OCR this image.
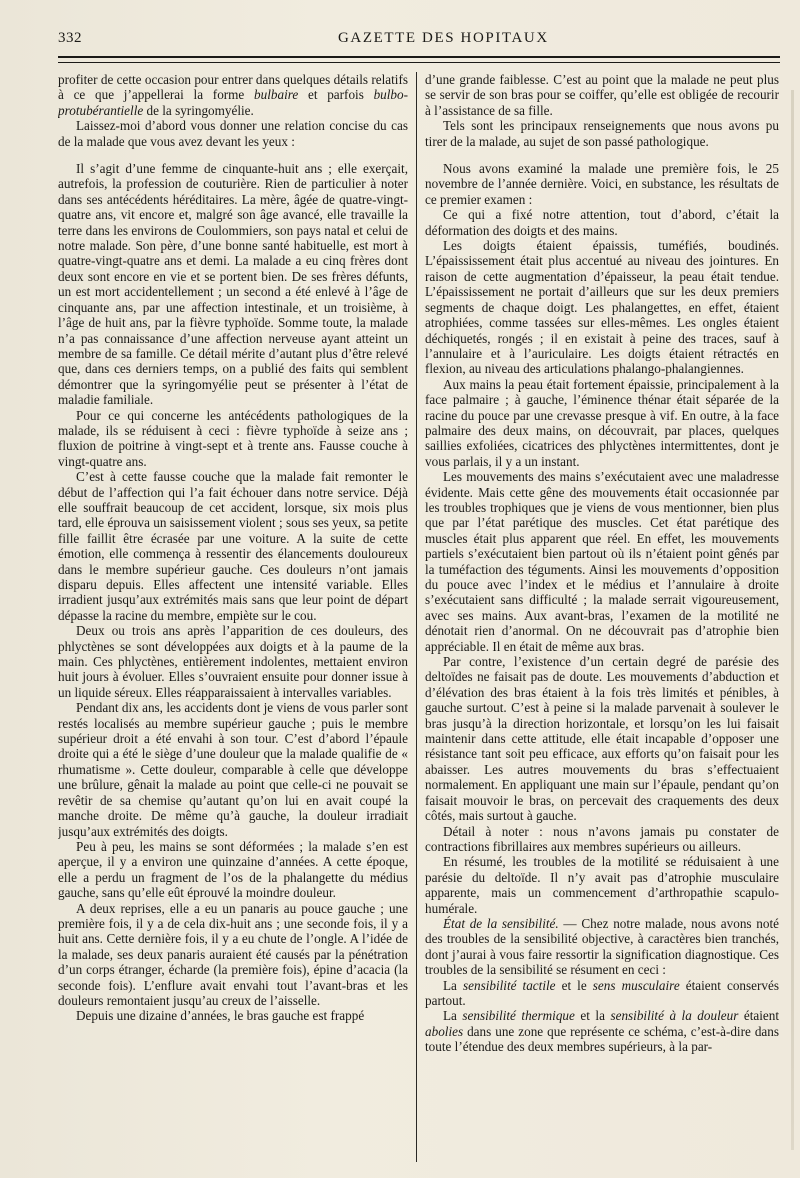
332	GAZETTE DES HOPITAUX

profiter de cette occasion pour entrer dans quelques détails relatifs à ce que j’appellerai la forme bulbaire et parfois bulbo-protubérantielle de la syringomyélie.

Laissez-moi d’abord vous donner une relation concise du cas de la malade que vous avez devant les yeux :

Il s’agit d’une femme de cinquante-huit ans ; elle exerçait, autrefois, la profession de couturière. Rien de particulier à noter dans ses antécédents héréditaires. La mère, âgée de quatre-vingt-quatre ans, vit encore et, malgré son âge avancé, elle travaille la terre dans les environs de Coulommiers, son pays natal et celui de notre malade. Son père, d’une bonne santé habituelle, est mort à quatre-vingt-quatre ans et demi. La malade a eu cinq frères dont deux sont encore en vie et se portent bien. De ses frères défunts, un est mort accidentellement ; un second a été enlevé à l’âge de cinquante ans, par une affection intestinale, et un troisième, à l’âge de huit ans, par la fièvre typhoïde. Somme toute, la malade n’a pas connaissance d’une affection nerveuse ayant atteint un membre de sa famille. Ce détail mérite d’autant plus d’être relevé que, dans ces derniers temps, on a publié des faits qui semblent démontrer que la syringomyélie peut se présenter à l’état de maladie familiale.

Pour ce qui concerne les antécédents pathologiques de la malade, ils se réduisent à ceci : fièvre typhoïde à seize ans ; fluxion de poitrine à vingt-sept et à trente ans. Fausse couche à vingt-quatre ans.

C’est à cette fausse couche que la malade fait remonter le début de l’affection qui l’a fait échouer dans notre service. Déjà elle souffrait beaucoup de cet accident, lorsque, six mois plus tard, elle éprouva un saisissement violent ; sous ses yeux, sa petite fille faillit être écrasée par une voiture. A la suite de cette émotion, elle commença à ressentir des élancements douloureux dans le membre supérieur gauche. Ces douleurs n’ont jamais disparu depuis. Elles affectent une intensité variable. Elles irradient jusqu’aux extrémités mais sans que leur point de départ dépasse la racine du membre, empiète sur le cou.

Deux ou trois ans après l’apparition de ces douleurs, des phlyctènes se sont développées aux doigts et à la paume de la main. Ces phlyctènes, entièrement indolentes, mettaient environ huit jours à évoluer. Elles s’ouvraient ensuite pour donner issue à un liquide séreux. Elles réapparaissaient à intervalles variables.

Pendant dix ans, les accidents dont je viens de vous parler sont restés localisés au membre supérieur gauche ; puis le membre supérieur droit a été envahi à son tour. C’est d’abord l’épaule droite qui a été le siège d’une douleur que la malade qualifie de « rhumatisme ». Cette douleur, comparable à celle que développe une brûlure, gênait la malade au point que celle-ci ne pouvait se revêtir de sa chemise qu’autant qu’on lui en avait coupé la manche droite. De même qu’à gauche, la douleur irradiait jusqu’aux extrémités des doigts.

Peu à peu, les mains se sont déformées ; la malade s’en est aperçue, il y a environ une quinzaine d’années. A cette époque, elle a perdu un fragment de l’os de la phalangette du médius gauche, sans qu’elle eût éprouvé la moindre douleur.

A deux reprises, elle a eu un panaris au pouce gauche ; une première fois, il y a de cela dix-huit ans ; une seconde fois, il y a huit ans. Cette dernière fois, il y a eu chute de l’ongle. A l’idée de la malade, ses deux panaris auraient été causés par la pénétration d’un corps étranger, écharde (la première fois), épine d’acacia (la seconde fois). L’enflure avait envahi tout l’avant-bras et les douleurs remontaient jusqu’au creux de l’aisselle.

Depuis une dizaine d’années, le bras gauche est frappé

d’une grande faiblesse. C’est au point que la malade ne peut plus se servir de son bras pour se coiffer, qu’elle est obligée de recourir à l’assistance de sa fille.

Tels sont les principaux renseignements que nous avons pu tirer de la malade, au sujet de son passé pathologique.

Nous avons examiné la malade une première fois, le 25 novembre de l’année dernière. Voici, en substance, les résultats de ce premier examen :

Ce qui a fixé notre attention, tout d’abord, c’était la déformation des doigts et des mains.

Les doigts étaient épaissis, tuméfiés, boudinés. L’épaississement était plus accentué au niveau des jointures. En raison de cette augmentation d’épaisseur, la peau était tendue. L’épaississement ne portait d’ailleurs que sur les deux premiers segments de chaque doigt. Les phalangettes, en effet, étaient atrophiées, comme tassées sur elles-mêmes. Les ongles étaient déchiquetés, rongés ; il en existait à peine des traces, sauf à l’annulaire et à l’auriculaire. Les doigts étaient rétractés en flexion, au niveau des articulations phalango-phalangiennes.

Aux mains la peau était fortement épaissie, principalement à la face palmaire ; à gauche, l’éminence thénar était séparée de la racine du pouce par une crevasse presque à vif. En outre, à la face palmaire des deux mains, on découvrait, par places, quelques saillies exfoliées, cicatrices des phlyctènes intermittentes, dont je vous parlais, il y a un instant.

Les mouvements des mains s’exécutaient avec une maladresse évidente. Mais cette gêne des mouvements était occasionnée par les troubles trophiques que je viens de vous mentionner, bien plus que par l’état parétique des muscles. Cet état parétique des muscles était plus apparent que réel. En effet, les mouvements partiels s’exécutaient bien partout où ils n’étaient point gênés par la tuméfaction des téguments. Ainsi les mouvements d’opposition du pouce avec l’index et le médius et l’annulaire à droite s’exécutaient sans difficulté ; la malade serrait vigoureusement, avec ses mains. Aux avant-bras, l’examen de la motilité ne dénotait rien d’anormal. On ne découvrait pas d’atrophie bien appréciable. Il en était de même aux bras.

Par contre, l’existence d’un certain degré de parésie des deltoïdes ne faisait pas de doute. Les mouvements d’abduction et d’élévation des bras étaient à la fois très limités et pénibles, à gauche surtout. C’est à peine si la malade parvenait à soulever le bras jusqu’à la direction horizontale, et lorsqu’on les lui faisait maintenir dans cette attitude, elle était incapable d’opposer une résistance tant soit peu efficace, aux efforts qu’on faisait pour les abaisser. Les autres mouvements du bras s’effectuaient normalement. En appliquant une main sur l’épaule, pendant qu’on faisait mouvoir le bras, on percevait des craquements des deux côtés, mais surtout à gauche.

Détail à noter : nous n’avons jamais pu constater de contractions fibrillaires aux membres supérieurs ou ailleurs.

En résumé, les troubles de la motilité se réduisaient à une parésie du deltoïde. Il n’y avait pas d’atrophie musculaire apparente, mais un commencement d’arthropathie scapulo-humérale.

État de la sensibilité. — Chez notre malade, nous avons noté des troubles de la sensibilité objective, à caractères bien tranchés, dont j’aurai à vous faire ressortir la signification diagnostique. Ces troubles de la sensibilité se résument en ceci :

La sensibilité tactile et le sens musculaire étaient conservés partout.

La sensibilité thermique et la sensibilité à la douleur étaient abolies dans une zone que représente ce schéma, c’est-à-dire dans toute l’étendue des deux membres supérieurs, à la par-
